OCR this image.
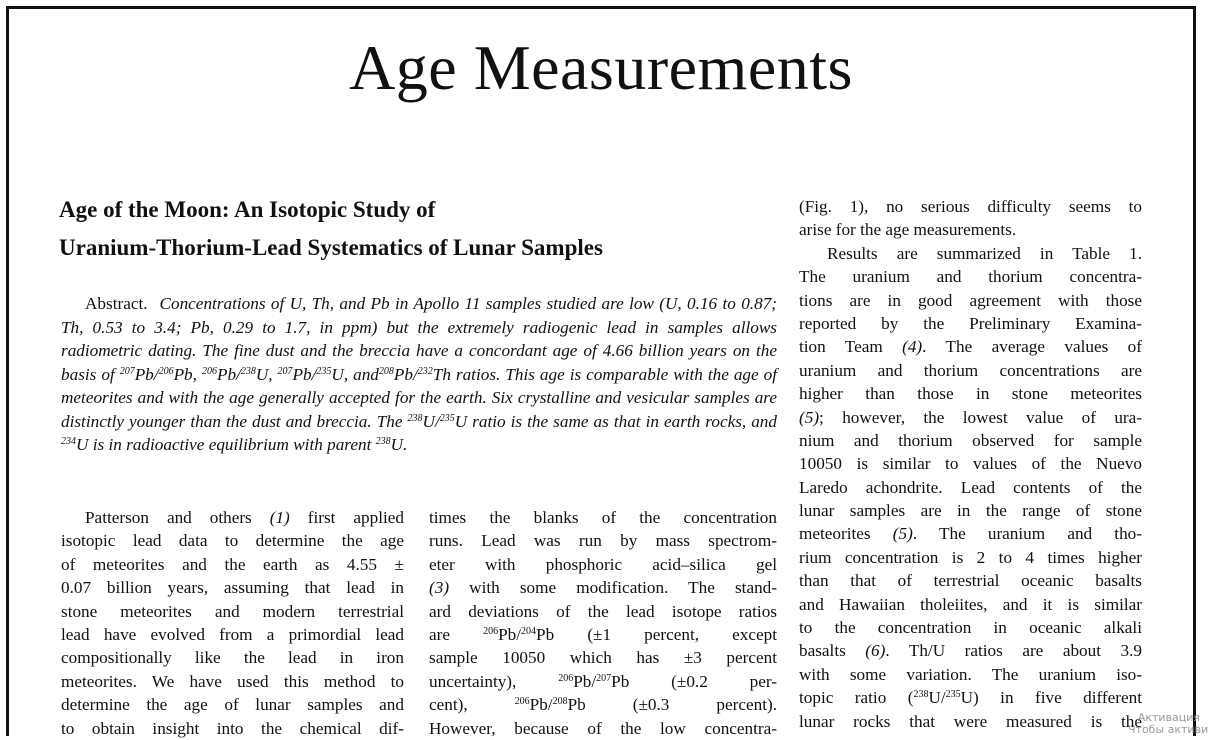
Age Measurements
Age of the Moon: An Isotopic Study of
Uranium-Thorium-Lead Systematics of Lunar Samples
Abstract. Concentrations of U, Th, and Pb in Apollo 11 samples studied are low (U, 0.16 to 0.87; Th, 0.53 to 3.4; Pb, 0.29 to 1.7, in ppm) but the extremely radiogenic lead in samples allows radiometric dating. The fine dust and the breccia have a concordant age of 4.66 billion years on the basis of $^{207}$Pb/$^{206}$Pb, $^{206}$Pb/$^{238}$U, $^{207}$Pb/$^{235}$U, and$^{208}$Pb/$^{232}$Th ratios. This age is comparable with the age of meteorites and with the age generally accepted for the earth. Six crystalline and vesicular samples are distinctly younger than the dust and breccia. The $^{238}$U/$^{235}$U ratio is the same as that in earth rocks, and $^{234}$U is in radioactive equilibrium with parent $^{238}$U.
Patterson and others (1) first applied
isotopic lead data to determine the age
of meteorites and the earth as 4.55 ±
0.07 billion years, assuming that lead in
stone meteorites and modern terrestrial
lead have evolved from a primordial lead
compositionally like the lead in iron
meteorites. We have used this method to
determine the age of lunar samples and
to obtain insight into the chemical dif-
times the blanks of the concentration
runs. Lead was run by mass spectrom-
eter with phosphoric acid–silica gel
(3) with some modification. The stand-
ard deviations of the lead isotope ratios
are $^{206}$Pb/$^{204}$Pb (±1 percent, except
sample 10050 which has ±3 percent
uncertainty), $^{206}$Pb/$^{207}$Pb (±0.2 per-
cent), $^{206}$Pb/$^{208}$Pb (±0.3 percent).
However, because of the low concentra-
(Fig. 1), no serious difficulty seems to
arise for the age measurements.
Results are summarized in Table 1.
The uranium and thorium concentra-
tions are in good agreement with those
reported by the Preliminary Examina-
tion Team (4). The average values of
uranium and thorium concentrations are
higher than those in stone meteorites
(5); however, the lowest value of ura-
nium and thorium observed for sample
10050 is similar to values of the Nuevo
Laredo achondrite. Lead contents of the
lunar samples are in the range of stone
meteorites (5). The uranium and tho-
rium concentration is 2 to 4 times higher
than that of terrestrial oceanic basalts
and Hawaiian tholeiites, and it is similar
to the concentration in oceanic alkali
basalts (6). Th/U ratios are about 3.9
with some variation. The uranium iso-
topic ratio ($^{238}$U/$^{235}$U) in five different
lunar rocks that were measured is the
Активация
Чтобы активи
